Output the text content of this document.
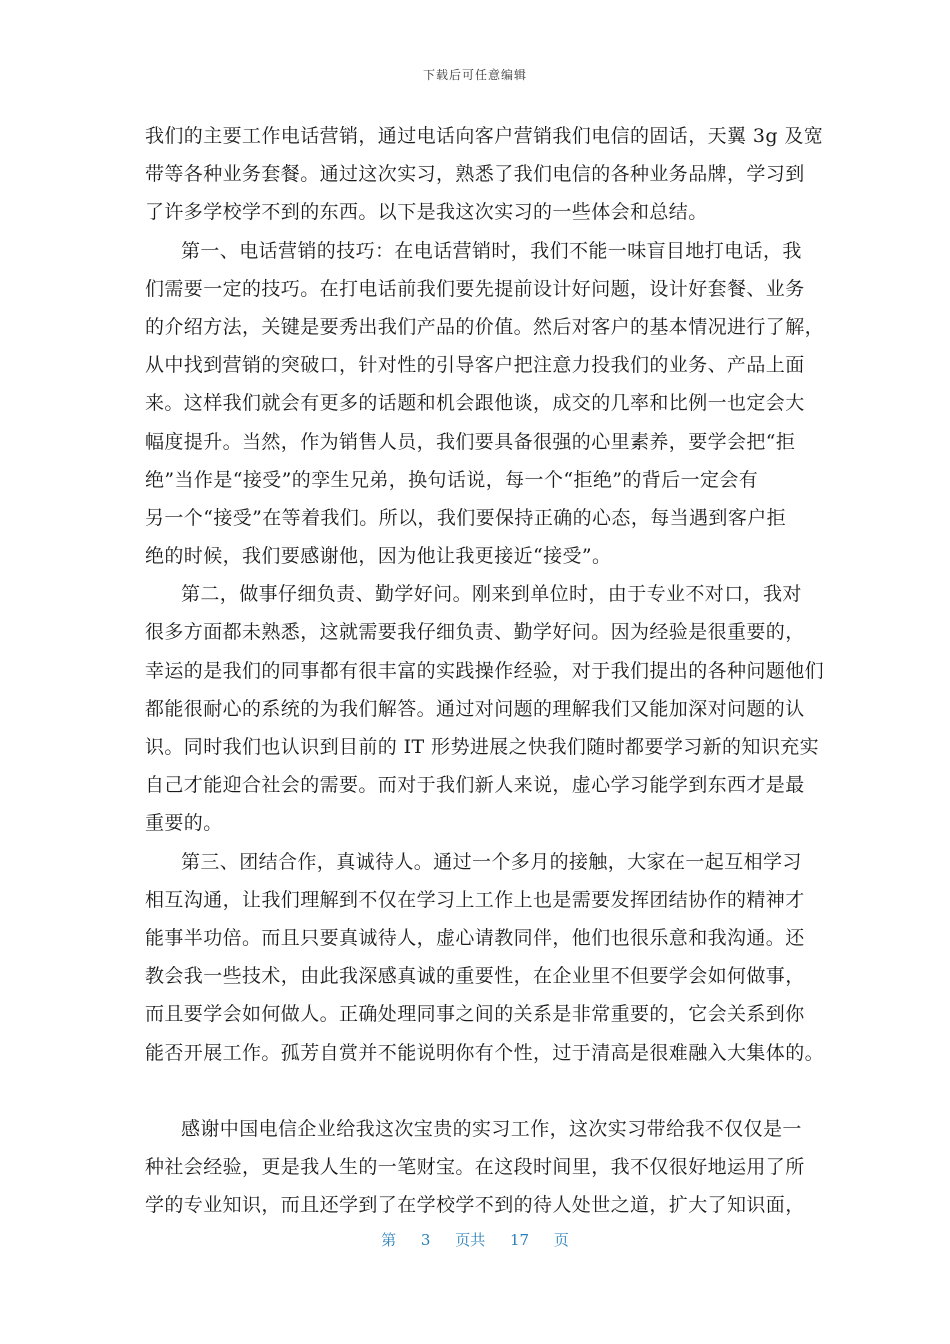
下载后可任意编辑
我们的主要工作电话营销，通过电话向客户营销我们电信的固话，天翼 3g 及宽
带等各种业务套餐。通过这次实习，熟悉了我们电信的各种业务品牌，学习到
了许多学校学不到的东西。以下是我这次实习的一些体会和总结。
第一、电话营销的技巧：在电话营销时，我们不能一味盲目地打电话，我
们需要一定的技巧。在打电话前我们要先提前设计好问题，设计好套餐、业务
的介绍方法，关键是要秀出我们产品的价值。然后对客户的基本情况进行了解，
从中找到营销的突破口，针对性的引导客户把注意力投我们的业务、产品上面
来。这样我们就会有更多的话题和机会跟他谈，成交的几率和比例一也定会大
幅度提升。当然，作为销售人员，我们要具备很强的心里素养，要学会把“拒
绝”当作是“接受”的孪生兄弟，换句话说，每一个“拒绝”的背后一定会有
另一个“接受”在等着我们。所以，我们要保持正确的心态，每当遇到客户拒
绝的时候，我们要感谢他，因为他让我更接近“接受”。
第二，做事仔细负责、勤学好问。刚来到单位时，由于专业不对口，我对
很多方面都未熟悉，这就需要我仔细负责、勤学好问。因为经验是很重要的，
幸运的是我们的同事都有很丰富的实践操作经验，对于我们提出的各种问题他们
都能很耐心的系统的为我们解答。通过对问题的理解我们又能加深对问题的认
识。同时我们也认识到目前的 IT 形势进展之快我们随时都要学习新的知识充实
自己才能迎合社会的需要。而对于我们新人来说，虚心学习能学到东西才是最
重要的。
第三、团结合作，真诚待人。通过一个多月的接触，大家在一起互相学习
相互沟通，让我们理解到不仅在学习上工作上也是需要发挥团结协作的精神才
能事半功倍。而且只要真诚待人，虚心请教同伴，他们也很乐意和我沟通。还
教会我一些技术，由此我深感真诚的重要性，在企业里不但要学会如何做事，
而且要学会如何做人。正确处理同事之间的关系是非常重要的，它会关系到你
能否开展工作。孤芳自赏并不能说明你有个性，过于清高是很难融入大集体的。
感谢中国电信企业给我这次宝贵的实习工作，这次实习带给我不仅仅是一
种社会经验，更是我人生的一笔财宝。在这段时间里，我不仅很好地运用了所
学的专业知识，而且还学到了在学校学不到的待人处世之道，扩大了知识面，
第 3 页共 17 页
